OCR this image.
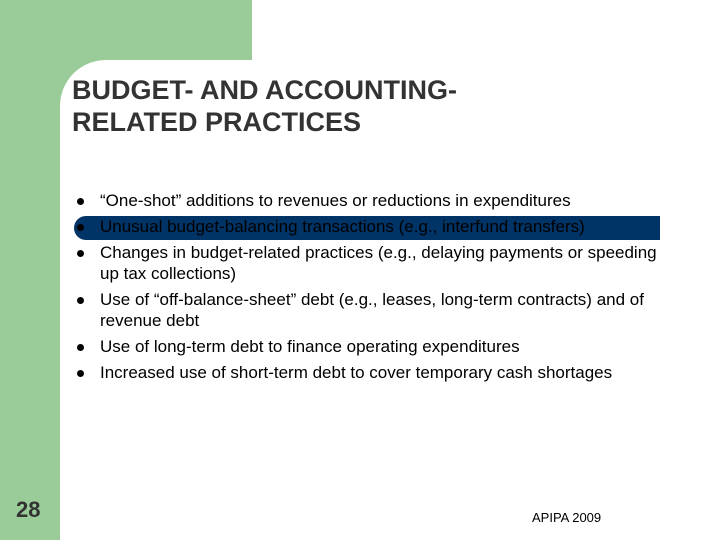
BUDGET- AND ACCOUNTING-
RELATED PRACTICES
“One-shot” additions to revenues or reductions in expenditures
Unusual budget-balancing transactions (e.g., interfund transfers)
Changes in budget-related practices (e.g., delaying payments or speeding up tax collections)
Use of “off-balance-sheet” debt (e.g., leases, long-term contracts) and of revenue debt
Use of long-term debt to finance operating expenditures
Increased use of short-term debt to cover temporary cash shortages
28	APIPA 2009
